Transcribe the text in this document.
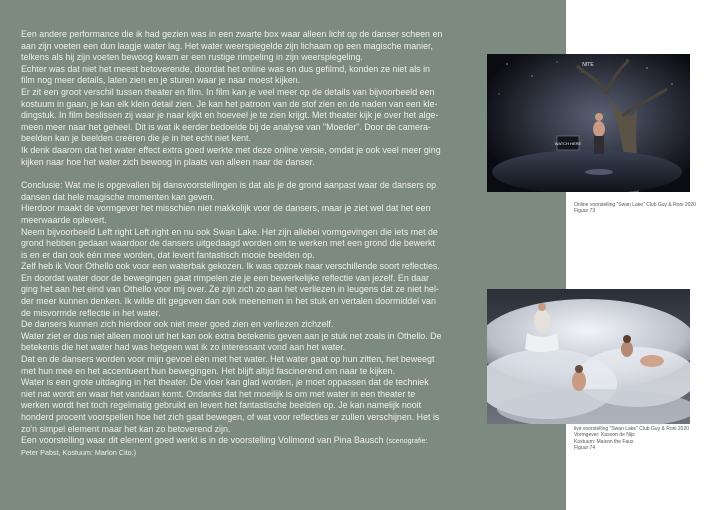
Een andere performance die ik had gezien was in een zwarte box waar alleen licht op de danser scheen en
aan zijn voeten een dun laagje water lag. Het water weerspiegelde zijn lichaam op een magische manier,
telkens als hij zijn voeten bewoog kwam er een rustige rimpeling in zijn weerspiegeling.

Echter was dat niet het meest betoverende, doordat het online was en dus gefilmd, konden ze niet als in
film nog meer details, laten zien en je sturen waar je naar moest kijken.

Er zit een groot verschil tussen theater en film. In film kan je veel meer op de details van bijvoorbeeld een
kostuum in gaan, je kan elk klein detail zien. Je kan het patroon van de stof zien en de naden van een kle-
dingstuk. In film beslissen zij waar je naar kijkt en hoeveel je te zien krijgt. Met theater kijk je over het alge-
meen meer naar het geheel. Dit is wat ik eerder bedoelde bij de analyse van "Moeder". Door de camera-
beelden kan je beelden creëren die je in het echt niet kent.

Ik denk daarom dat het water effect extra goed werkte met deze online versie, omdat je ook veel meer ging
kijken naar hoe het water zich bewoog in plaats van alleen naar de danser.

Conclusie: Wat me is opgevallen bij dansvoorstellingen is dat als je de grond aanpast waar de dansers op
dansen dat hele magische momenten kan geven.

Hierdoor maakt de vormgever het misschien niet makkelijk voor de dansers, maar je ziet wel dat het een
meerwaarde oplevert.

Neem bijvoorbeeld Left right Left right en nu ook Swan Lake. Het zijn allebei vormgevingen die iets met de
grond hebben gedaan waardoor de dansers uitgedaagd worden om te werken met een grond die bewerkt
is en er dan ook één mee worden, dat levert fantastisch mooie beelden op.

Zelf heb ik Voor Othello ook voor een waterbak gekozen. Ik was opzoek naar verschillende soort reflecties.
En doordat water door de bewegingen gaat rimpelen zie je een bewerkelijke reflectie van jezelf. En daar
ging het aan het eind van Othello voor mij over. Ze zijn zich zo aan het verliezen in leugens dat ze niet hel-
der meer kunnen denken. Ik wilde dit gegeven dan ook meenemen in het stuk en vertalen doormiddel van
de misvormde reflectie in het water.

De dansers kunnen zich hierdoor ook niet meer goed zien en verliezen zichzelf.

Water ziet er dus niet alleen mooi uit het kan ook extra betekenis geven aan je stuk net zoals in Othello. De
betekenis die het water had was hetgeen wat ik zo interessant vond aan het water.

Dat en de dansers worden voor mijn gevoel één met het water. Het water gaat op hun zitten, het beweegt
met hun mee en het accentueert hun bewegingen. Het blijft altijd fascinerend om naar te kijken.

Water is een grote uitdaging in het theater. De vloer kan glad worden, je moet oppassen dat de techniek
niet nat wordt en waar het vandaan komt. Ondanks dat het moeilijk is om met water in een theater te
werken wordt het toch regelmatig gebruikt en levert het fantastische beelden op. Je kan namelijk nooit
honderd procent voorspellen hoe het zich gaat bewegen, of wat voor reflecties er zullen verschijnen. Het is
zo'n simpel element maar het kan zo betoverend zijn.

Een voorstelling waar dit element goed werkt is in de voorstelling Vollmond van Pina Bausch (scenografie:
Peter Pabst, Kostuum: Marlon Cito.)

WATCH HERE
NITE
Online voorstelling "Swan Lake" Club Guy & Roni 2020
Figuur 73
live voorstelling "Swan Lake" Club Guy & Roni 2020
Vormgever: Kasoon de Nijs
Kostuum: Maison the Faux
Figuur 74
